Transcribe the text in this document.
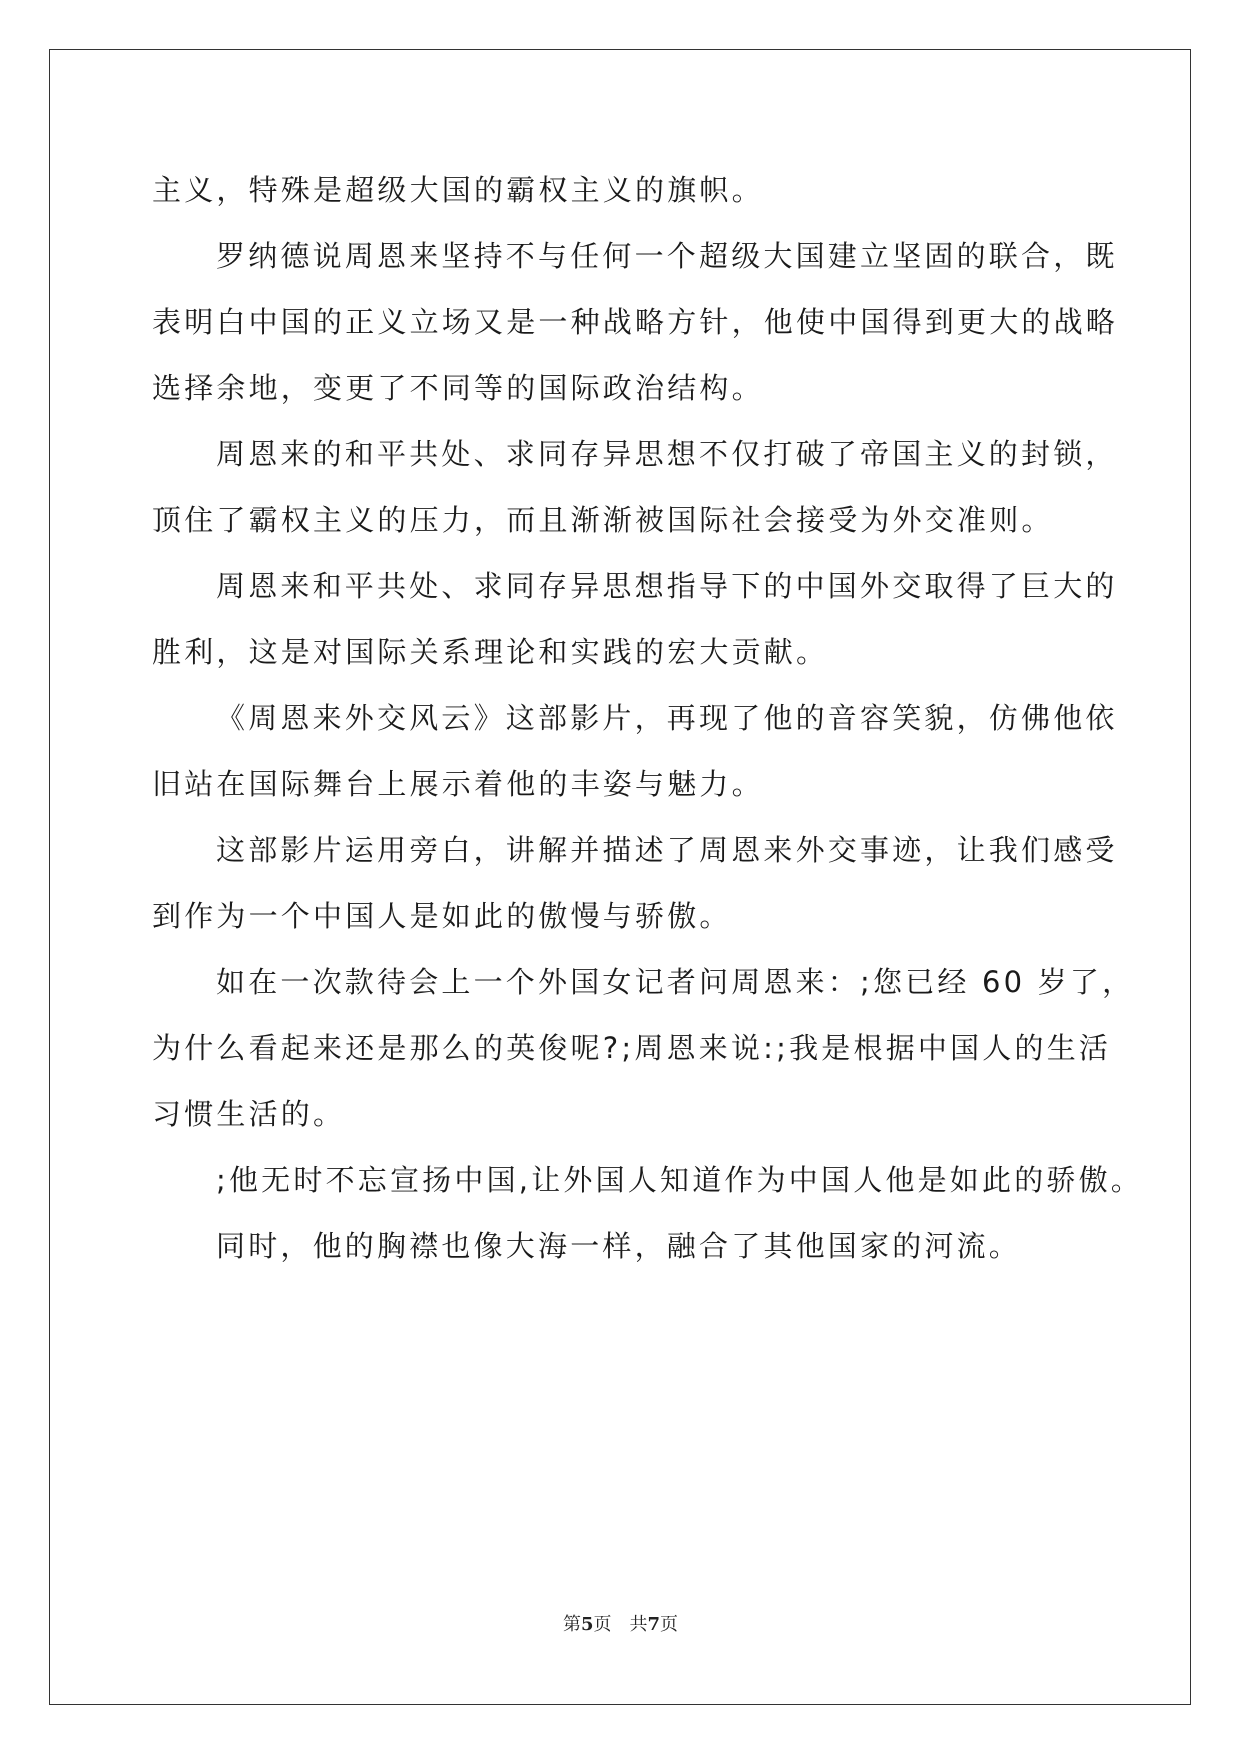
主义，特殊是超级大国的霸权主义的旗帜。
罗纳德说周恩来坚持不与任何一个超级大国建立坚固的联合，既
表明白中国的正义立场又是一种战略方针，他使中国得到更大的战略
选择余地，变更了不同等的国际政治结构。
周恩来的和平共处、求同存异思想不仅打破了帝国主义的封锁，
顶住了霸权主义的压力，而且渐渐被国际社会接受为外交准则。
周恩来和平共处、求同存异思想指导下的中国外交取得了巨大的
胜利，这是对国际关系理论和实践的宏大贡献。
《周恩来外交风云》这部影片，再现了他的音容笑貌，仿佛他依
旧站在国际舞台上展示着他的丰姿与魅力。
这部影片运用旁白，讲解并描述了周恩来外交事迹，让我们感受
到作为一个中国人是如此的傲慢与骄傲。
如在一次款待会上一个外国女记者问周恩来：;您已经 60 岁了，
为什么看起来还是那么的英俊呢?;周恩来说:;我是根据中国人的生活
习惯生活的。
;他无时不忘宣扬中国,让外国人知道作为中国人他是如此的骄傲。
同时，他的胸襟也像大海一样，融合了其他国家的河流。
第5页 共7页
